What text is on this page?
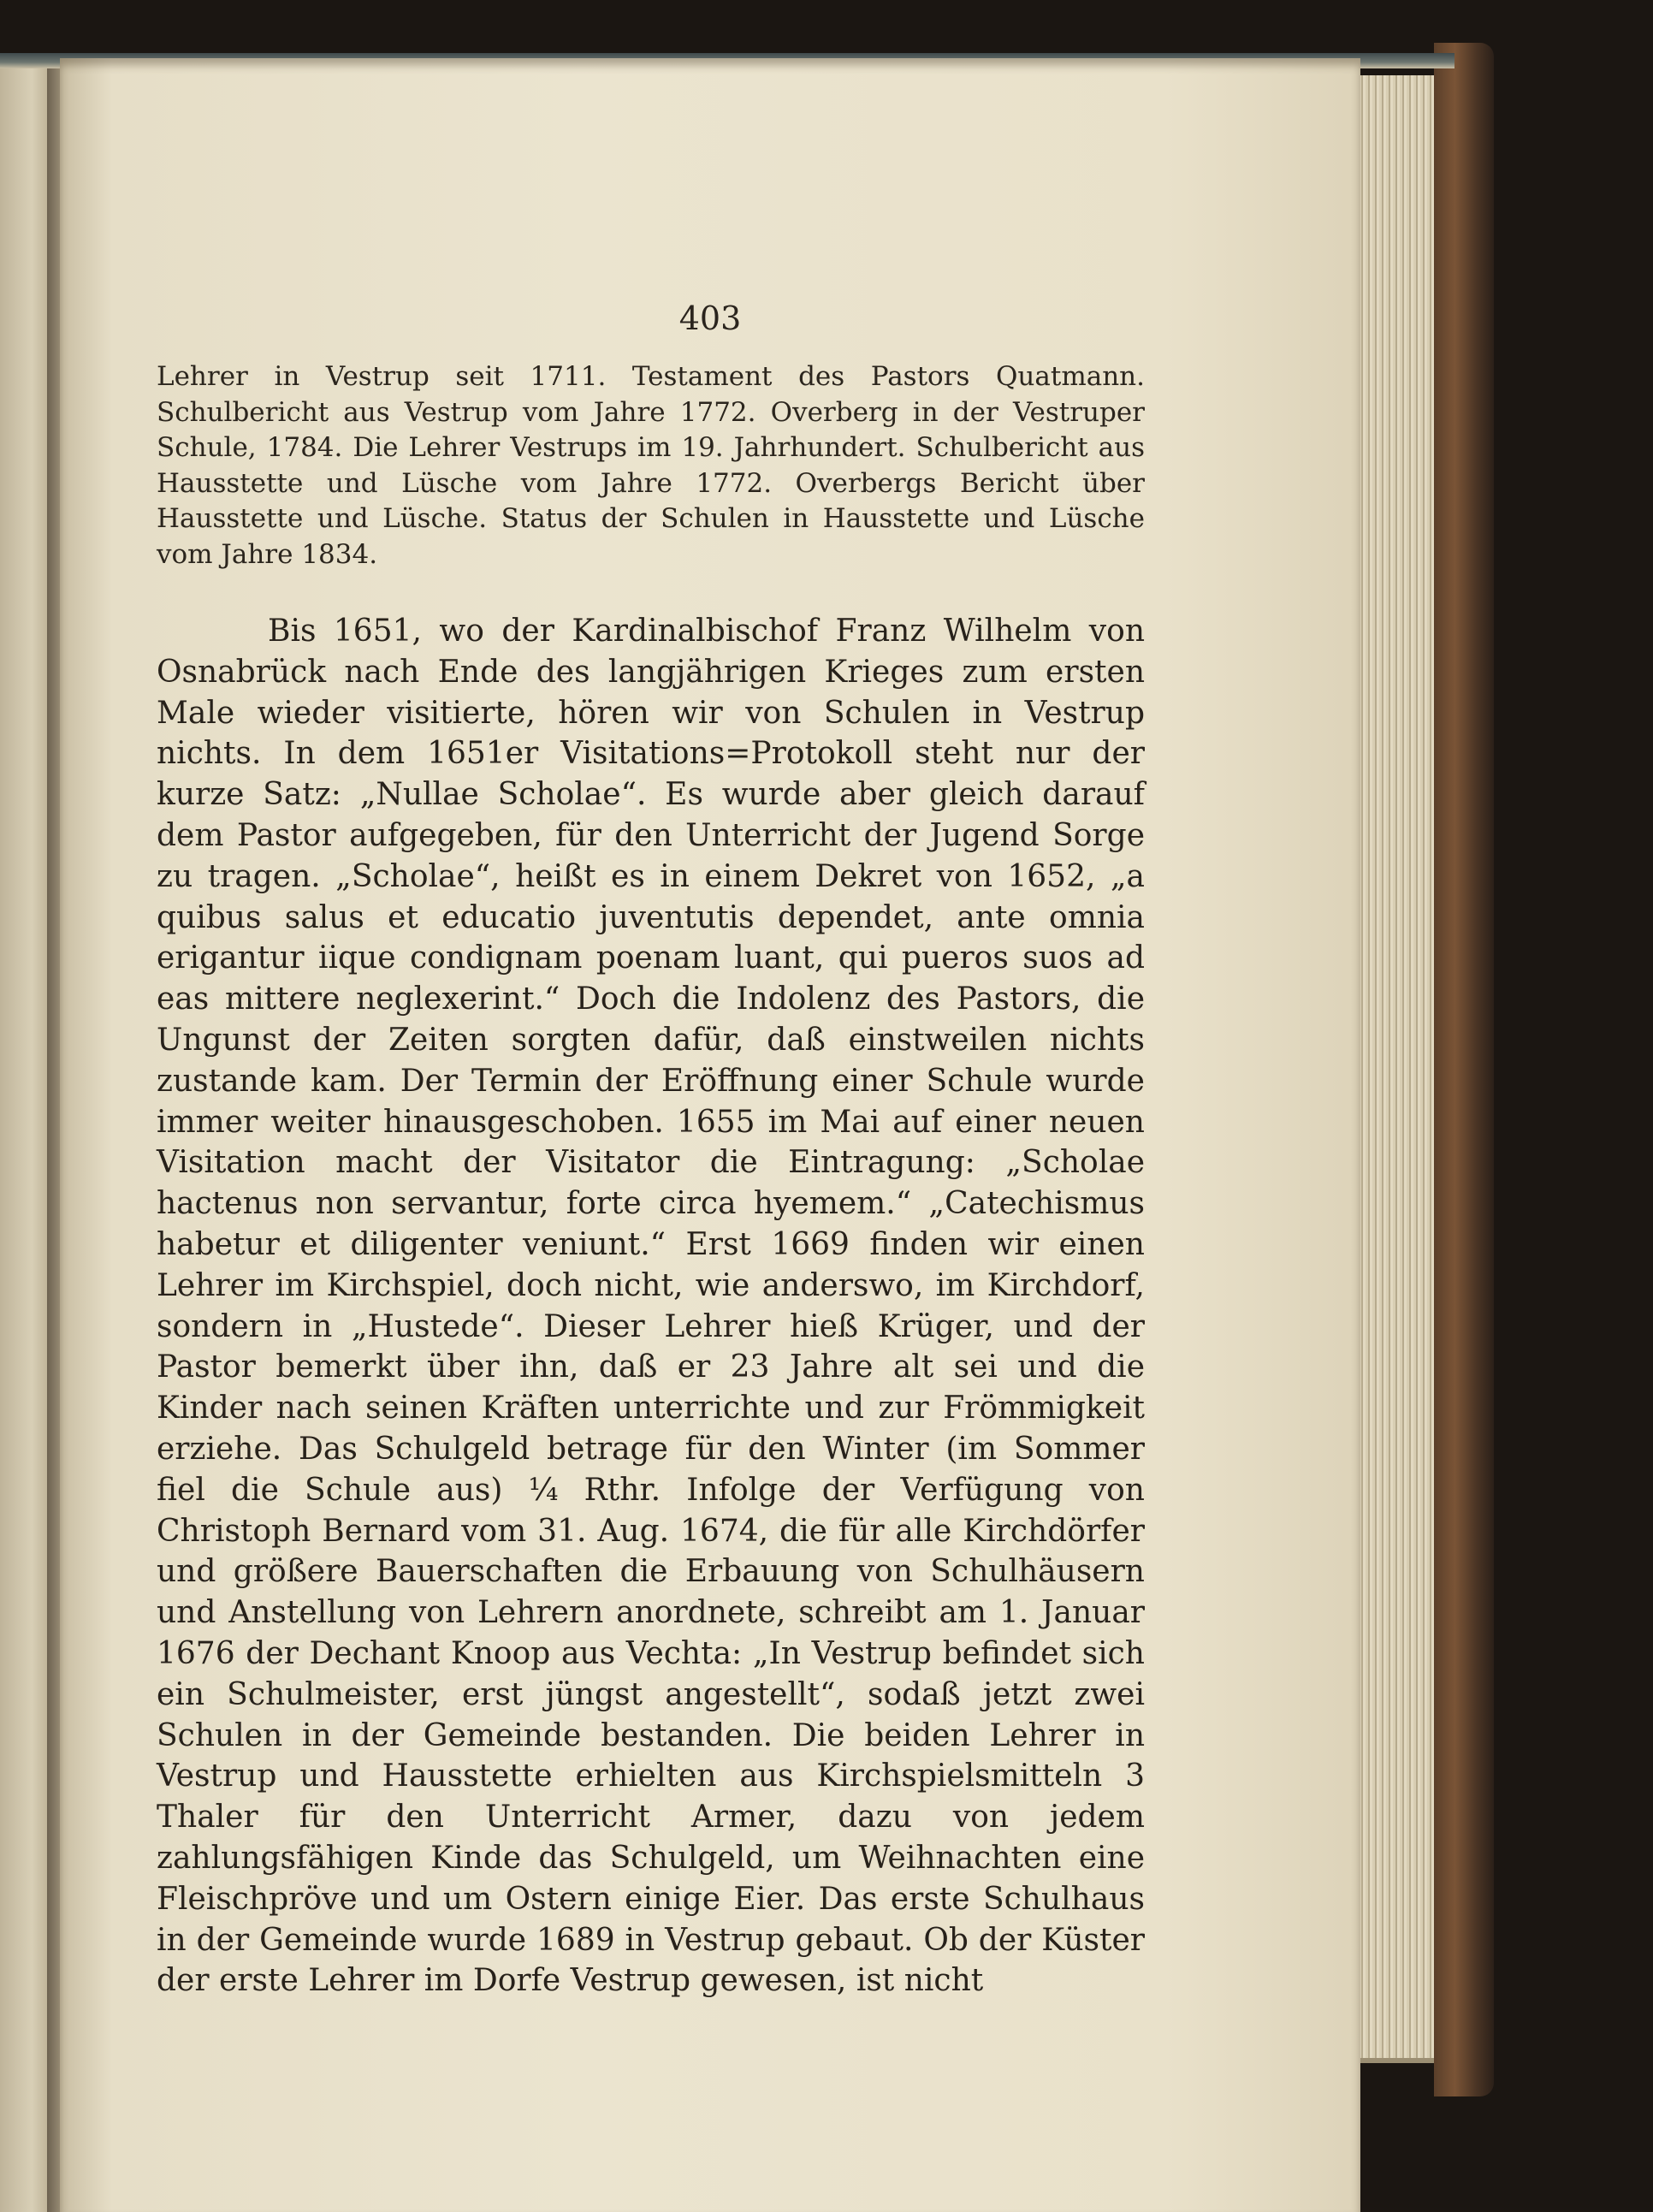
403

Lehrer in Vestrup seit 1711. Testament des Pastors Quatmann. Schulbericht aus Vestrup vom Jahre 1772. Overberg in der Vestruper Schule, 1784. Die Lehrer Vestrups im 19. Jahrhundert. Schulbericht aus Hausstette und Lüsche vom Jahre 1772. Overbergs Bericht über Hausstette und Lüsche. Status der Schulen in Hausstette und Lüsche vom Jahre 1834.

Bis 1651, wo der Kardinalbischof Franz Wilhelm von Osnabrück nach Ende des langjährigen Krieges zum ersten Male wieder visitierte, hören wir von Schulen in Vestrup nichts. In dem 1651er Visitations=Protokoll steht nur der kurze Satz: „Nullae Scholae“. Es wurde aber gleich darauf dem Pastor aufgegeben, für den Unterricht der Jugend Sorge zu tragen. „Scholae“, heißt es in einem Dekret von 1652, „a quibus salus et educatio juventutis dependet, ante omnia erigantur iique condignam poenam luant, qui pueros suos ad eas mittere neglexerint.“ Doch die Indolenz des Pastors, die Ungunst der Zeiten sorgten dafür, daß einstweilen nichts zustande kam. Der Termin der Eröffnung einer Schule wurde immer weiter hinausgeschoben. 1655 im Mai auf einer neuen Visitation macht der Visitator die Eintragung: „Scholae hactenus non servantur, forte circa hyemem.“ „Catechismus habetur et diligenter veniunt.“ Erst 1669 finden wir einen Lehrer im Kirchspiel, doch nicht, wie anderswo, im Kirchdorf, sondern in „Hustede“. Dieser Lehrer hieß Krüger, und der Pastor bemerkt über ihn, daß er 23 Jahre alt sei und die Kinder nach seinen Kräften unterrichte und zur Frömmigkeit erziehe. Das Schulgeld betrage für den Winter (im Sommer fiel die Schule aus) ¼ Rthr. Infolge der Verfügung von Christoph Bernard vom 31. Aug. 1674, die für alle Kirchdörfer und größere Bauerschaften die Erbauung von Schulhäusern und Anstellung von Lehrern anordnete, schreibt am 1. Januar 1676 der Dechant Knoop aus Vechta: „In Vestrup befindet sich ein Schulmeister, erst jüngst angestellt“, sodaß jetzt zwei Schulen in der Gemeinde bestanden. Die beiden Lehrer in Vestrup und Hausstette erhielten aus Kirchspielsmitteln 3 Thaler für den Unterricht Armer, dazu von jedem zahlungsfähigen Kinde das Schulgeld, um Weihnachten eine Fleischpröve und um Ostern einige Eier. Das erste Schulhaus in der Gemeinde wurde 1689 in Vestrup gebaut. Ob der Küster der erste Lehrer im Dorfe Vestrup gewesen, ist nicht
